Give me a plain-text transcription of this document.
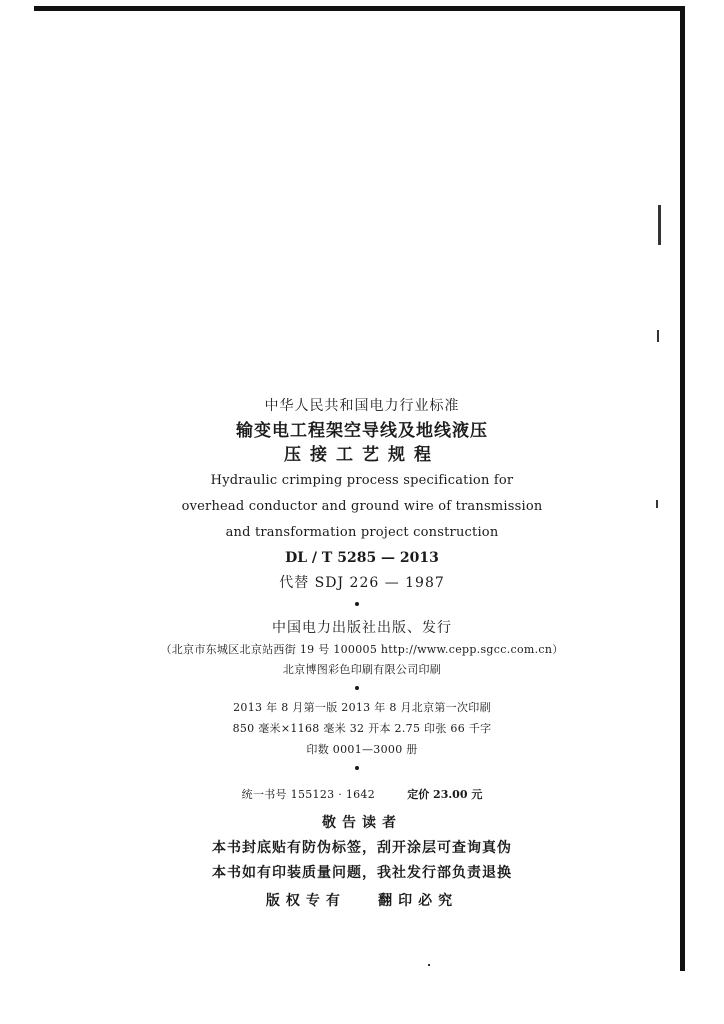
中华人民共和国电力行业标准
输变电工程架空导线及地线液压
压接工艺规程
Hydraulic crimping process specification for
overhead conductor and ground wire of transmission
and transformation project construction
DL / T 5285 — 2013
代替 SDJ 226 — 1987
中国电力出版社出版、发行
（北京市东城区北京站西街 19 号 100005 http://www.cepp.sgcc.com.cn）
北京博图彩色印刷有限公司印刷
2013 年 8 月第一版 2013 年 8 月北京第一次印刷
850 毫米×1168 毫米 32 开本 2.75 印张 66 千字
印数 0001—3000 册
统一书号 155123 · 1642	定价 23.00 元
敬告读者
本书封底贴有防伪标签，刮开涂层可查询真伪
本书如有印装质量问题，我社发行部负责退换
版权专有 翻印必究
